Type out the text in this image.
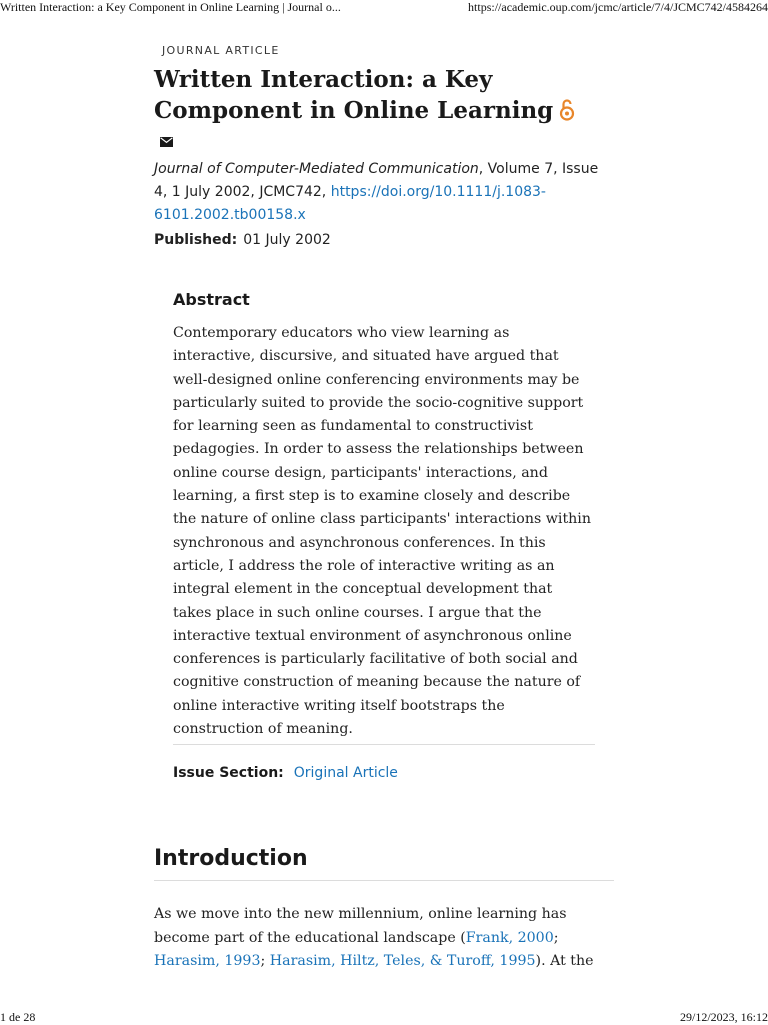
Written Interaction: a Key Component in Online Learning | Journal o...	https://academic.oup.com/jcmc/article/7/4/JCMC742/4584264
JOURNAL ARTICLE
Written Interaction: a Key Component in Online Learning
Journal of Computer-Mediated Communication, Volume 7, Issue 4, 1 July 2002, JCMC742, https://doi.org/10.1111/j.1083-6101.2002.tb00158.x
Published: 01 July 2002
Abstract

Contemporary educators who view learning as interactive, discursive, and situated have argued that well-designed online conferencing environments may be particularly suited to provide the socio-cognitive support for learning seen as fundamental to constructivist pedagogies. In order to assess the relationships between online course design, participants' interactions, and learning, a first step is to examine closely and describe the nature of online class participants' interactions within synchronous and asynchronous conferences. In this article, I address the role of interactive writing as an integral element in the conceptual development that takes place in such online courses. I argue that the interactive textual environment of asynchronous online conferences is particularly facilitative of both social and cognitive construction of meaning because the nature of online interactive writing itself bootstraps the construction of meaning.

Issue Section: Original Article
Introduction

As we move into the new millennium, online learning has become part of the educational landscape (Frank, 2000; Harasim, 1993; Harasim, Hiltz, Teles, & Turoff, 1995). At the

1 de 28	29/12/2023, 16:12
